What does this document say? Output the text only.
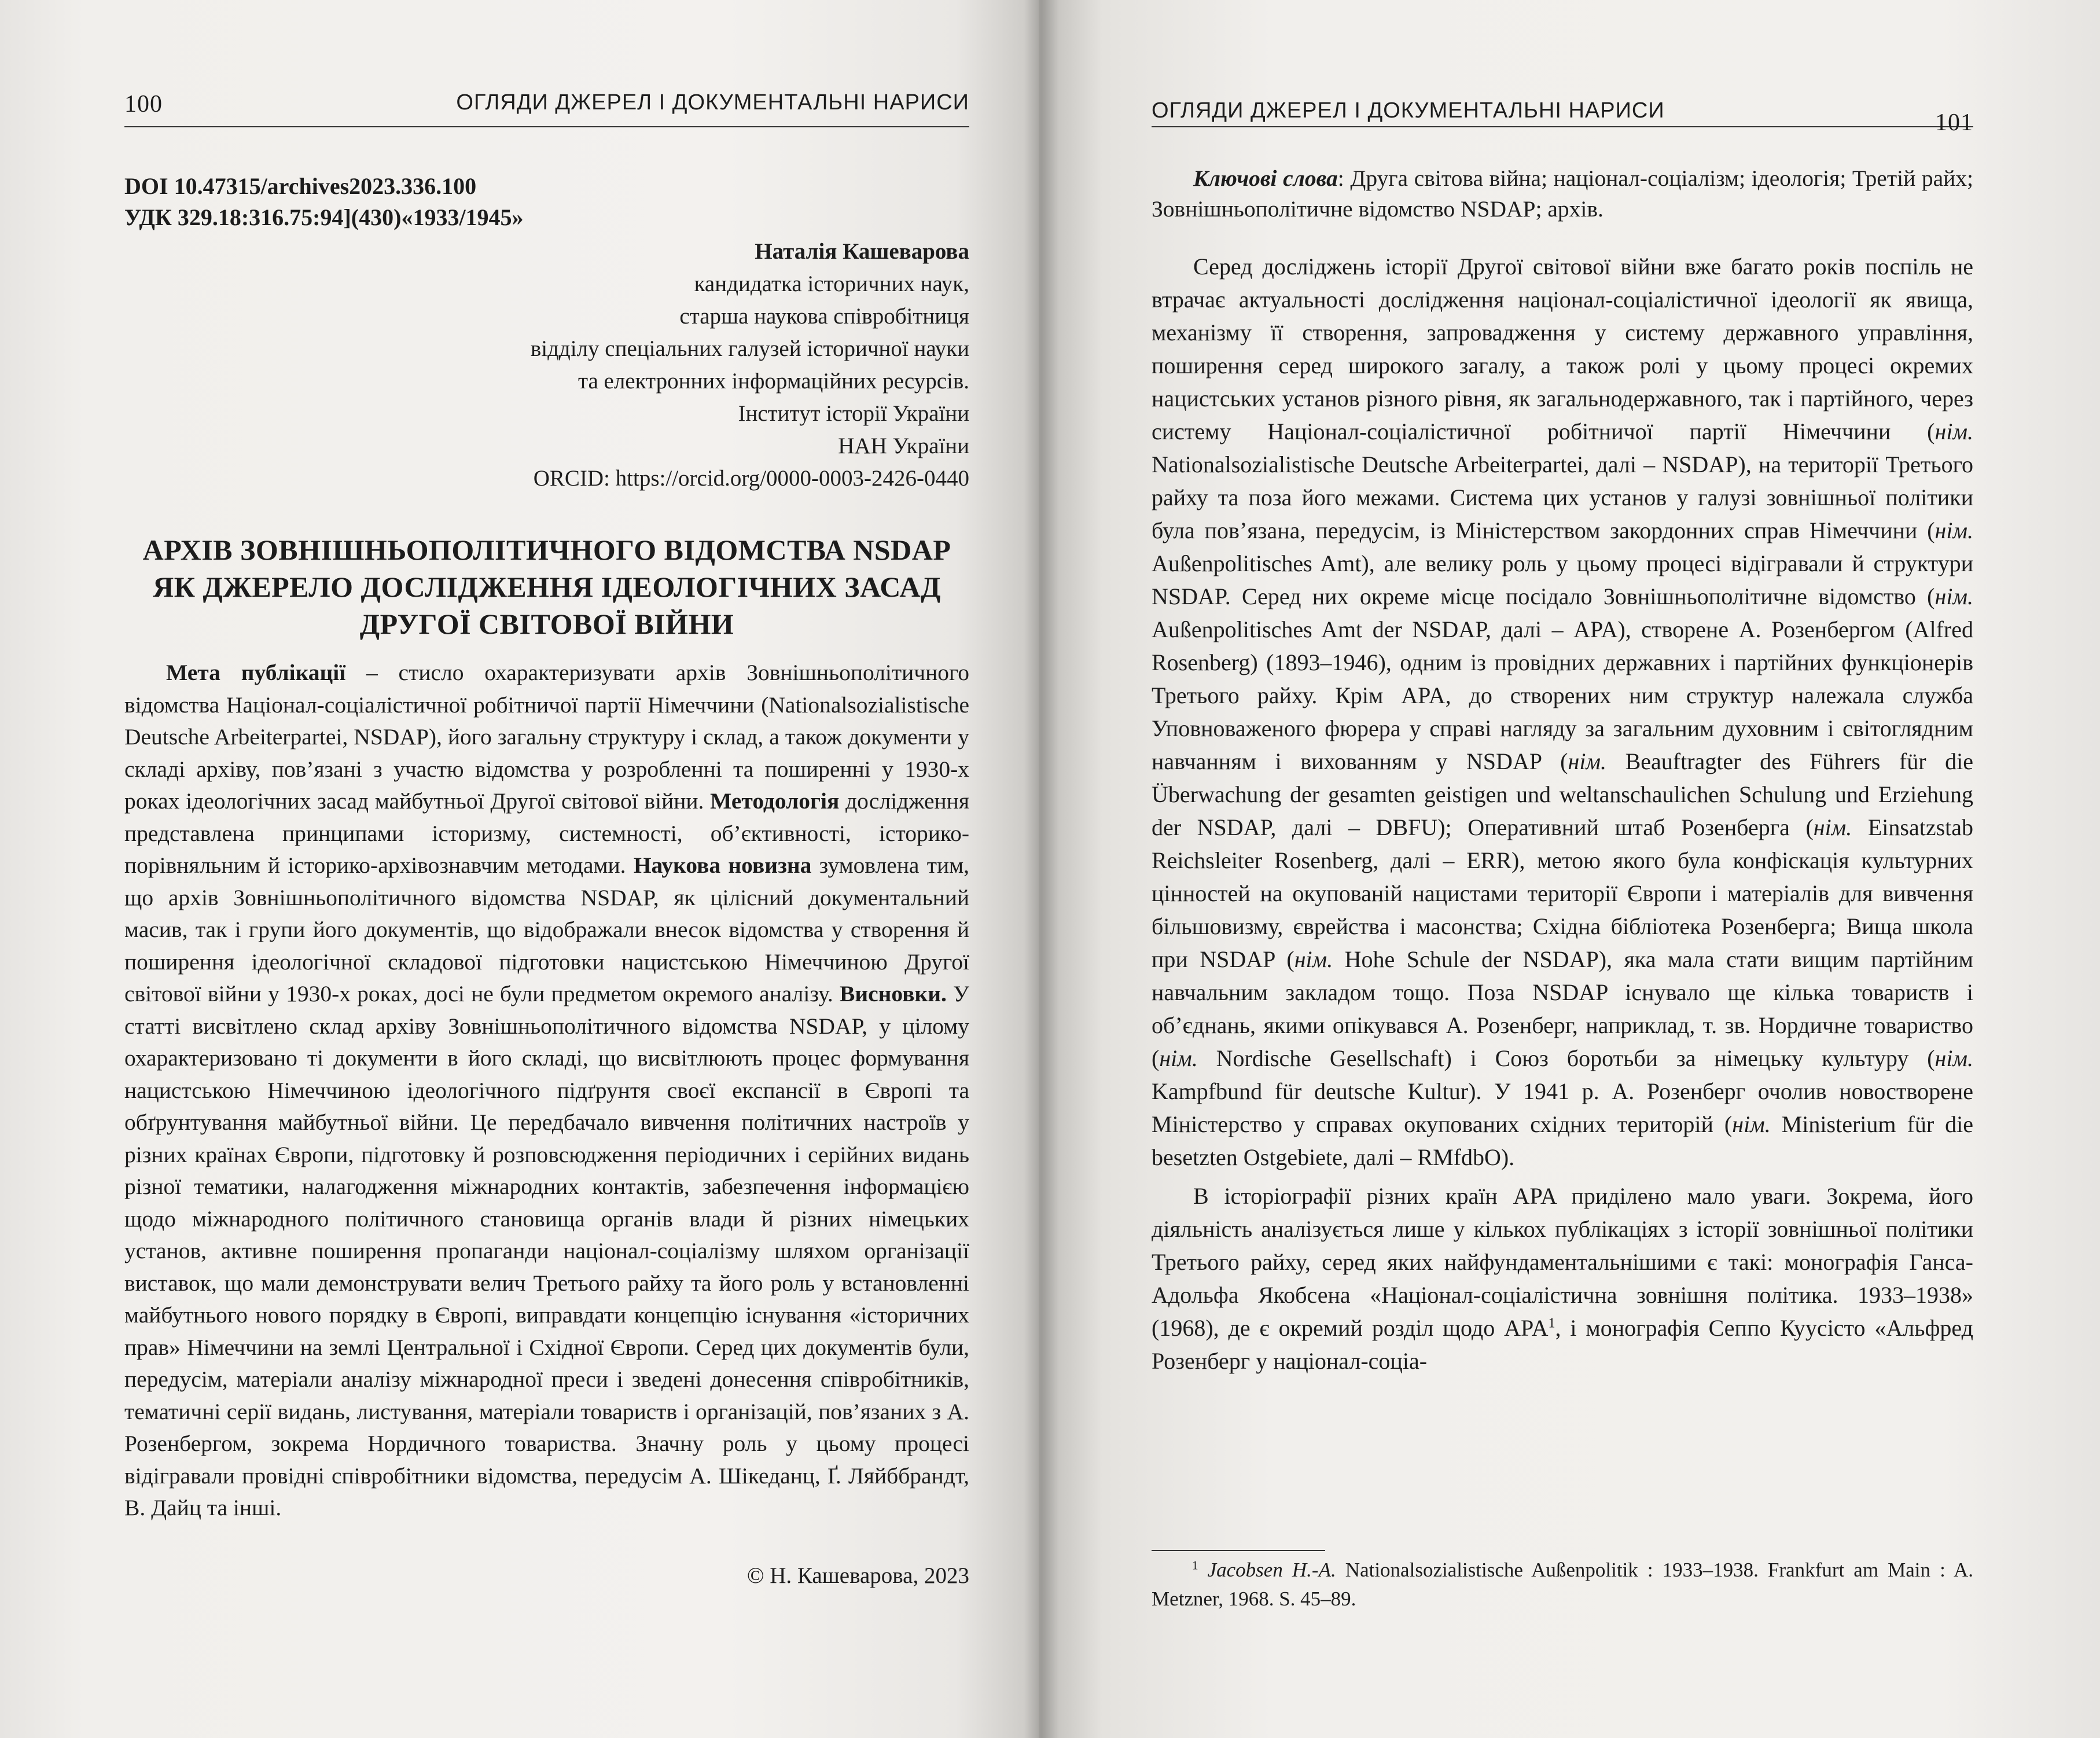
100	ОГЛЯДИ ДЖЕРЕЛ І ДОКУМЕНТАЛЬНІ НАРИСИ
DOI 10.47315/archives2023.336.100
УДК 329.18:316.75:94](430)«1933/1945»
Наталія Кашеварова
кандидатка історичних наук,
старша наукова співробітниця
відділу спеціальних галузей історичної науки
та електронних інформаційних ресурсів.
Інститут історії України
НАН України
ORCID: https://orcid.org/0000-0003-2426-0440
АРХІВ ЗОВНІШНЬОПОЛІТИЧНОГО ВІДОМСТВА NSDAP
ЯК ДЖЕРЕЛО ДОСЛІДЖЕННЯ ІДЕОЛОГІЧНИХ ЗАСАД
ДРУГОЇ СВІТОВОЇ ВІЙНИ

Мета публікації – стисло охарактеризувати архів Зовнішньополітичного відомства Націонал-соціалістичної робітничої партії Німеччини (Nationalsozialistische Deutsche Arbeiterpartei, NSDAP), його загальну структуру і склад, а також документи у складі архіву, пов’язані з участю відомства у розробленні та поширенні у 1930-х роках ідеологічних засад майбутньої Другої світової війни. Методологія дослідження представлена принципами історизму, системності, об’єктивності, історико-порівняльним й історико-архівознавчим методами. Наукова новизна зумовлена тим, що архів Зовнішньополітичного відомства NSDAP, як цілісний документальний масив, так і групи його документів, що відображали внесок відомства у створення й поширення ідеологічної складової підготовки нацистською Німеччиною Другої світової війни у 1930-х роках, досі не були предметом окремого аналізу. Висновки. У статті висвітлено склад архіву Зовнішньополітичного відомства NSDAP, у цілому охарактеризовано ті документи в його складі, що висвітлюють процес формування нацистською Німеччиною ідеологічного підґрунтя своєї експансії в Європі та обґрунтування майбутньої війни. Це передбачало вивчення політичних настроїв у різних країнах Європи, підготовку й розповсюдження періодичних і серійних видань різної тематики, налагодження міжнародних контактів, забезпечення інформацією щодо міжнародного політичного становища органів влади й різних німецьких установ, активне поширення пропаганди націонал-соціалізму шляхом організації виставок, що мали демонструвати велич Третього райху та його роль у встановленні майбутнього нового порядку в Європі, виправдати концепцію існування «історичних прав» Німеччини на землі Центральної і Східної Європи. Серед цих документів були, передусім, матеріали аналізу міжнародної преси і зведені донесення співробітників, тематичні серії видань, листування, матеріали товариств і організацій, пов’язаних з А. Розенбергом, зокрема Нордичного товариства. Значну роль у цьому процесі відігравали провідні співробітники відомства, передусім А. Шікеданц, Ґ. Ляйббрандт, В. Дайц та інші.

© Н. Кашеварова, 2023
ОГЛЯДИ ДЖЕРЕЛ І ДОКУМЕНТАЛЬНІ НАРИСИ	101

Ключові слова: Друга світова війна; націонал-соціалізм; ідеологія; Третій райх; Зовнішньополітичне відомство NSDAP; архів.

Серед досліджень історії Другої світової війни вже багато років поспіль не втрачає актуальності дослідження націонал-соціалістичної ідеології як явища, механізму її створення, запровадження у систему державного управління, поширення серед широкого загалу, а також ролі у цьому процесі окремих нацистських установ різного рівня, як загальнодержавного, так і партійного, через систему Націонал-соціалістичної робітничої партії Німеччини (нім. Nationalsozialistische Deutsche Arbeiterpartei, далі – NSDAP), на території Третього райху та поза його межами. Система цих установ у галузі зовнішньої політики була пов’язана, передусім, із Міністерством закордонних справ Німеччини (нім. Außenpolitisches Amt), але велику роль у цьому процесі відігравали й структури NSDAP. Серед них окреме місце посідало Зовнішньополітичне відомство (нім. Außenpolitisches Amt der NSDAP, далі – APA), створене А. Розенбергом (Alfred Rosenberg) (1893–1946), одним із провідних державних і партійних функціонерів Третього райху. Крім APA, до створених ним структур належала служба Уповноваженого фюрера у справі нагляду за загальним духовним і світоглядним навчанням і вихованням у NSDAP (нім. Beauftragter des Führers für die Überwachung der gesamten geistigen und weltanschaulichen Schulung und Erziehung der NSDAP, далі – DBFU); Оперативний штаб Розенберга (нім. Einsatzstab Reichsleiter Rosenberg, далі – ERR), метою якого була конфіскація культурних цінностей на окупованій нацистами території Європи і матеріалів для вивчення більшовизму, єврейства і масонства; Східна бібліотека Розенберга; Вища школа при NSDAP (нім. Hohe Schule der NSDAP), яка мала стати вищим партійним навчальним закладом тощо. Поза NSDAP існувало ще кілька товариств і об’єднань, якими опікувався А. Розенберг, наприклад, т. зв. Нордичне товариство (нім. Nordische Gesellschaft) і Союз боротьби за німецьку культуру (нім. Kampfbund für deutsche Kultur). У 1941 р. А. Розенберг очолив новостворене Міністерство у справах окупованих східних територій (нім. Ministerium für die besetzten Ostgebiete, далі – RMfdbO).

В історіографії різних країн APA приділено мало уваги. Зокрема, його діяльність аналізується лише у кількох публікаціях з історії зовнішньої політики Третього райху, серед яких найфундаментальнішими є такі: монографія Ганса-Адольфа Якобсена «Націонал-соціалістична зовнішня політика. 1933–1938» (1968), де є окремий розділ щодо APA$^1$, і монографія Сеппо Куусісто «Альфред Розенберг у націонал-соціа-

$^1$ Jacobsen H.-A. Nationalsozialistische Außenpolitik : 1933–1938. Frankfurt am Main : A. Metzner, 1968. S. 45–89.
